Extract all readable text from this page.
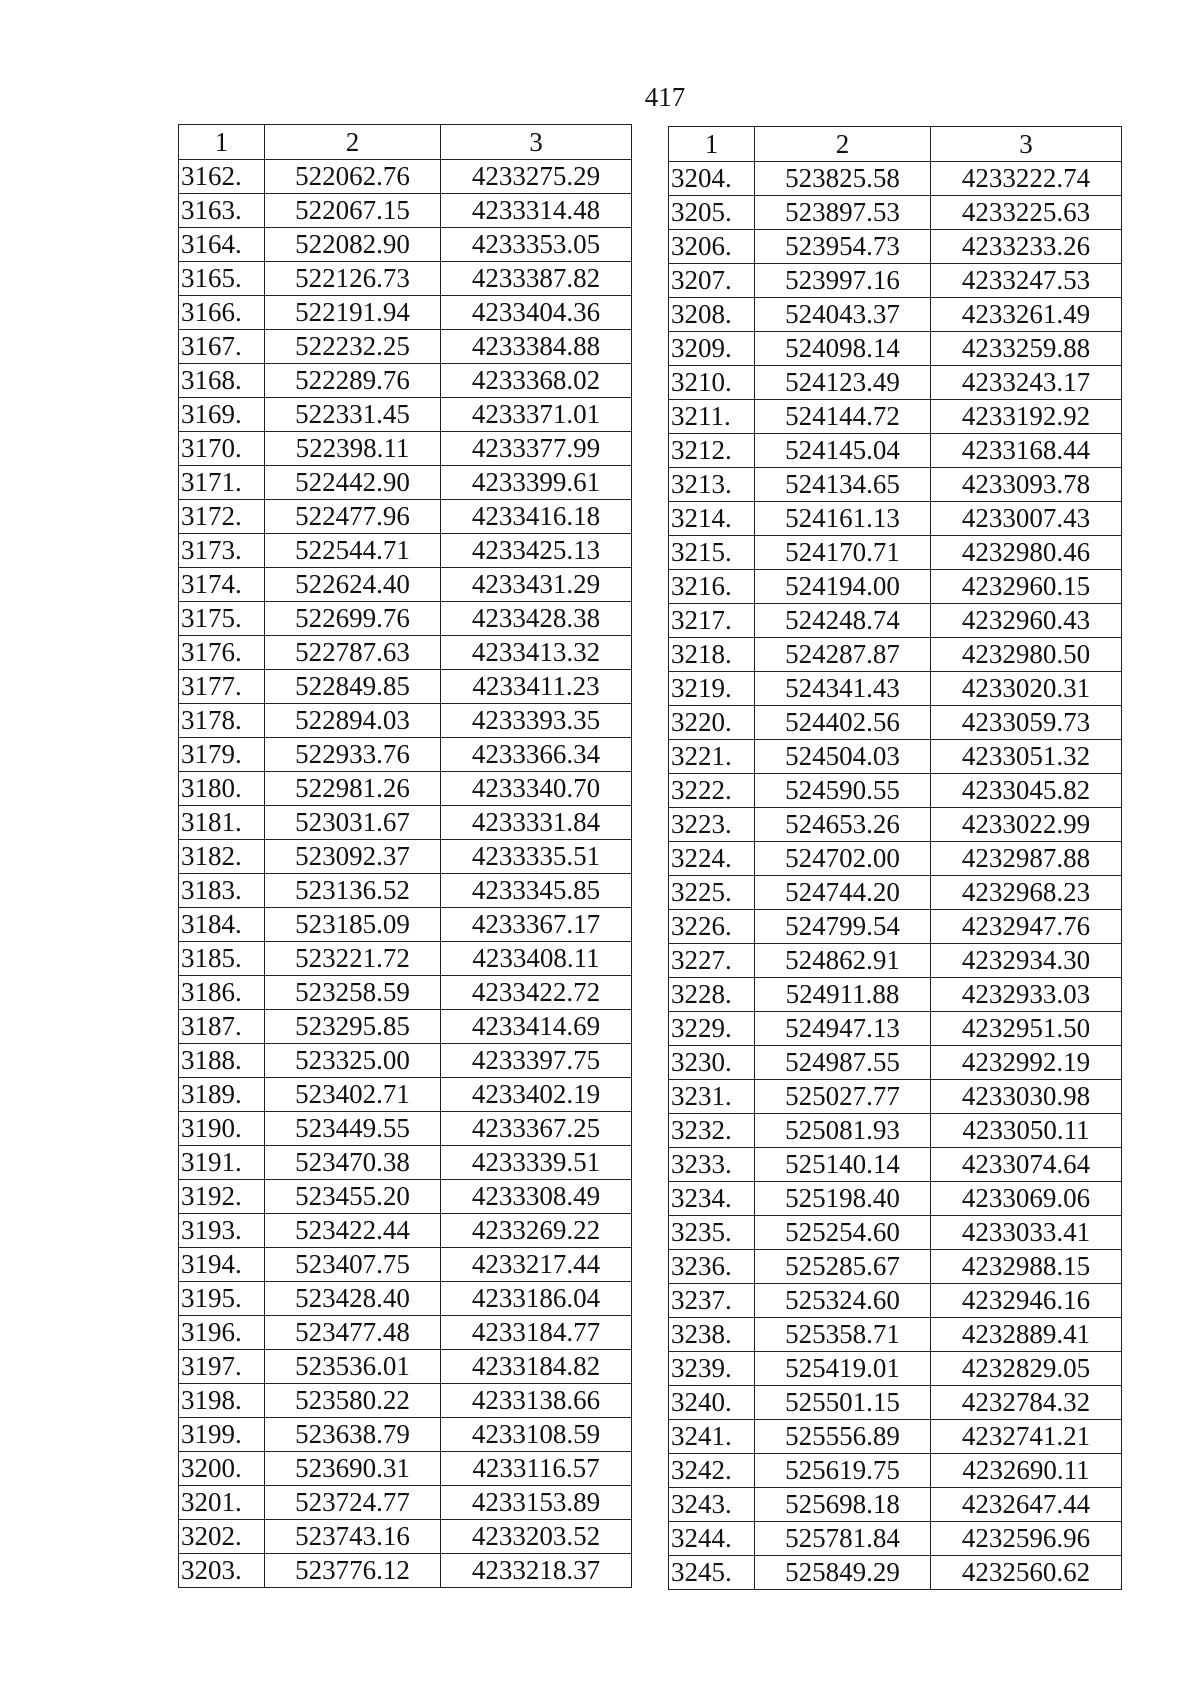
417
1	2	3
3162.	522062.76	4233275.29
3163.	522067.15	4233314.48
3164.	522082.90	4233353.05
3165.	522126.73	4233387.82
3166.	522191.94	4233404.36
3167.	522232.25	4233384.88
3168.	522289.76	4233368.02
3169.	522331.45	4233371.01
3170.	522398.11	4233377.99
3171.	522442.90	4233399.61
3172.	522477.96	4233416.18
3173.	522544.71	4233425.13
3174.	522624.40	4233431.29
3175.	522699.76	4233428.38
3176.	522787.63	4233413.32
3177.	522849.85	4233411.23
3178.	522894.03	4233393.35
3179.	522933.76	4233366.34
3180.	522981.26	4233340.70
3181.	523031.67	4233331.84
3182.	523092.37	4233335.51
3183.	523136.52	4233345.85
3184.	523185.09	4233367.17
3185.	523221.72	4233408.11
3186.	523258.59	4233422.72
3187.	523295.85	4233414.69
3188.	523325.00	4233397.75
3189.	523402.71	4233402.19
3190.	523449.55	4233367.25
3191.	523470.38	4233339.51
3192.	523455.20	4233308.49
3193.	523422.44	4233269.22
3194.	523407.75	4233217.44
3195.	523428.40	4233186.04
3196.	523477.48	4233184.77
3197.	523536.01	4233184.82
3198.	523580.22	4233138.66
3199.	523638.79	4233108.59
3200.	523690.31	4233116.57
3201.	523724.77	4233153.89
3202.	523743.16	4233203.52
3203.	523776.12	4233218.37
1	2	3
3204.	523825.58	4233222.74
3205.	523897.53	4233225.63
3206.	523954.73	4233233.26
3207.	523997.16	4233247.53
3208.	524043.37	4233261.49
3209.	524098.14	4233259.88
3210.	524123.49	4233243.17
3211.	524144.72	4233192.92
3212.	524145.04	4233168.44
3213.	524134.65	4233093.78
3214.	524161.13	4233007.43
3215.	524170.71	4232980.46
3216.	524194.00	4232960.15
3217.	524248.74	4232960.43
3218.	524287.87	4232980.50
3219.	524341.43	4233020.31
3220.	524402.56	4233059.73
3221.	524504.03	4233051.32
3222.	524590.55	4233045.82
3223.	524653.26	4233022.99
3224.	524702.00	4232987.88
3225.	524744.20	4232968.23
3226.	524799.54	4232947.76
3227.	524862.91	4232934.30
3228.	524911.88	4232933.03
3229.	524947.13	4232951.50
3230.	524987.55	4232992.19
3231.	525027.77	4233030.98
3232.	525081.93	4233050.11
3233.	525140.14	4233074.64
3234.	525198.40	4233069.06
3235.	525254.60	4233033.41
3236.	525285.67	4232988.15
3237.	525324.60	4232946.16
3238.	525358.71	4232889.41
3239.	525419.01	4232829.05
3240.	525501.15	4232784.32
3241.	525556.89	4232741.21
3242.	525619.75	4232690.11
3243.	525698.18	4232647.44
3244.	525781.84	4232596.96
3245.	525849.29	4232560.62
